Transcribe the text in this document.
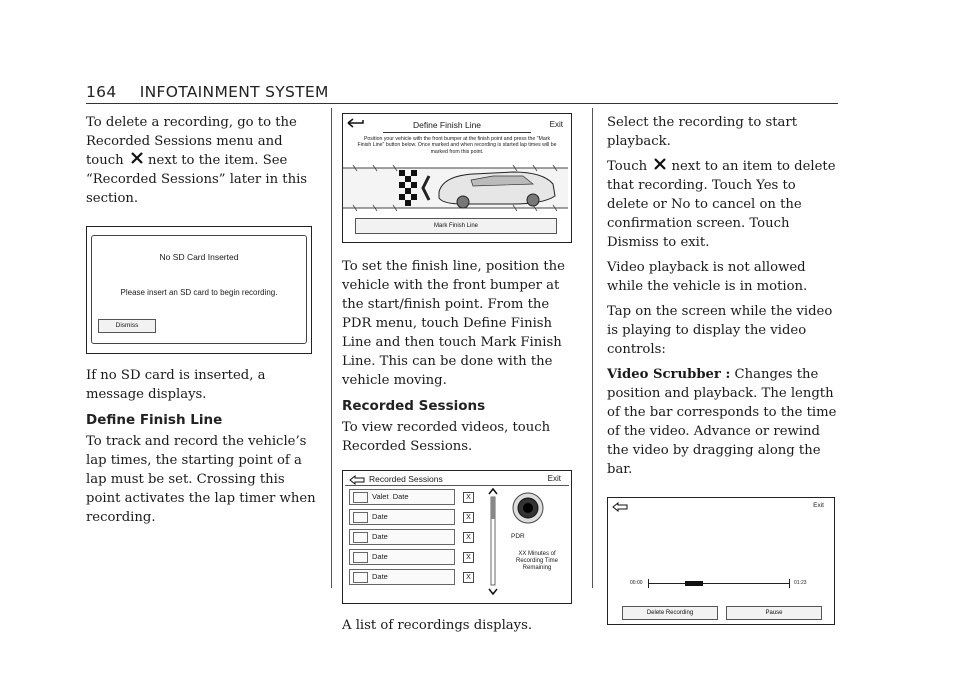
164 INFOTAINMENT SYSTEM

To delete a recording, go to the Recorded Sessions menu and touch next to the item. See “Recorded Sessions” later in this section.

No SD Card Inserted
Please insert an SD card to begin recording.
Dismiss

If no SD card is inserted, a message displays.

Define Finish Line

To track and record the vehicle’s lap times, the starting point of a lap must be set. Crossing this point activates the lap timer when recording.

Define Finish Line	Exit
Position your vehicle with the front bumper at the finish point and press the "Mark Finish Line" button below. Once marked and when recording is started lap times will be marked from this point.
Mark Finish Line

To set the finish line, position the vehicle with the front bumper at the start/finish point. From the PDR menu, touch Define Finish Line and then touch Mark Finish Line. This can be done with the vehicle moving.

Recorded Sessions

To view recorded videos, touch Recorded Sessions.

Recorded Sessions	Exit
Valet Date	X
Date	X
Date	X
Date	X
Date	X
PDR
XX Minutes of Recording Time Remaining

A list of recordings displays.

Select the recording to start playback.

Touch next to an item to delete that recording. Touch Yes to delete or No to cancel on the confirmation screen. Touch Dismiss to exit.

Video playback is not allowed while the vehicle is in motion.

Tap on the screen while the video is playing to display the video controls:

Video Scrubber : Changes the position and playback. The length of the bar corresponds to the time of the video. Advance or rewind the video by dragging along the bar.

Exit
00:00	01:23
Delete Recording	Pause
